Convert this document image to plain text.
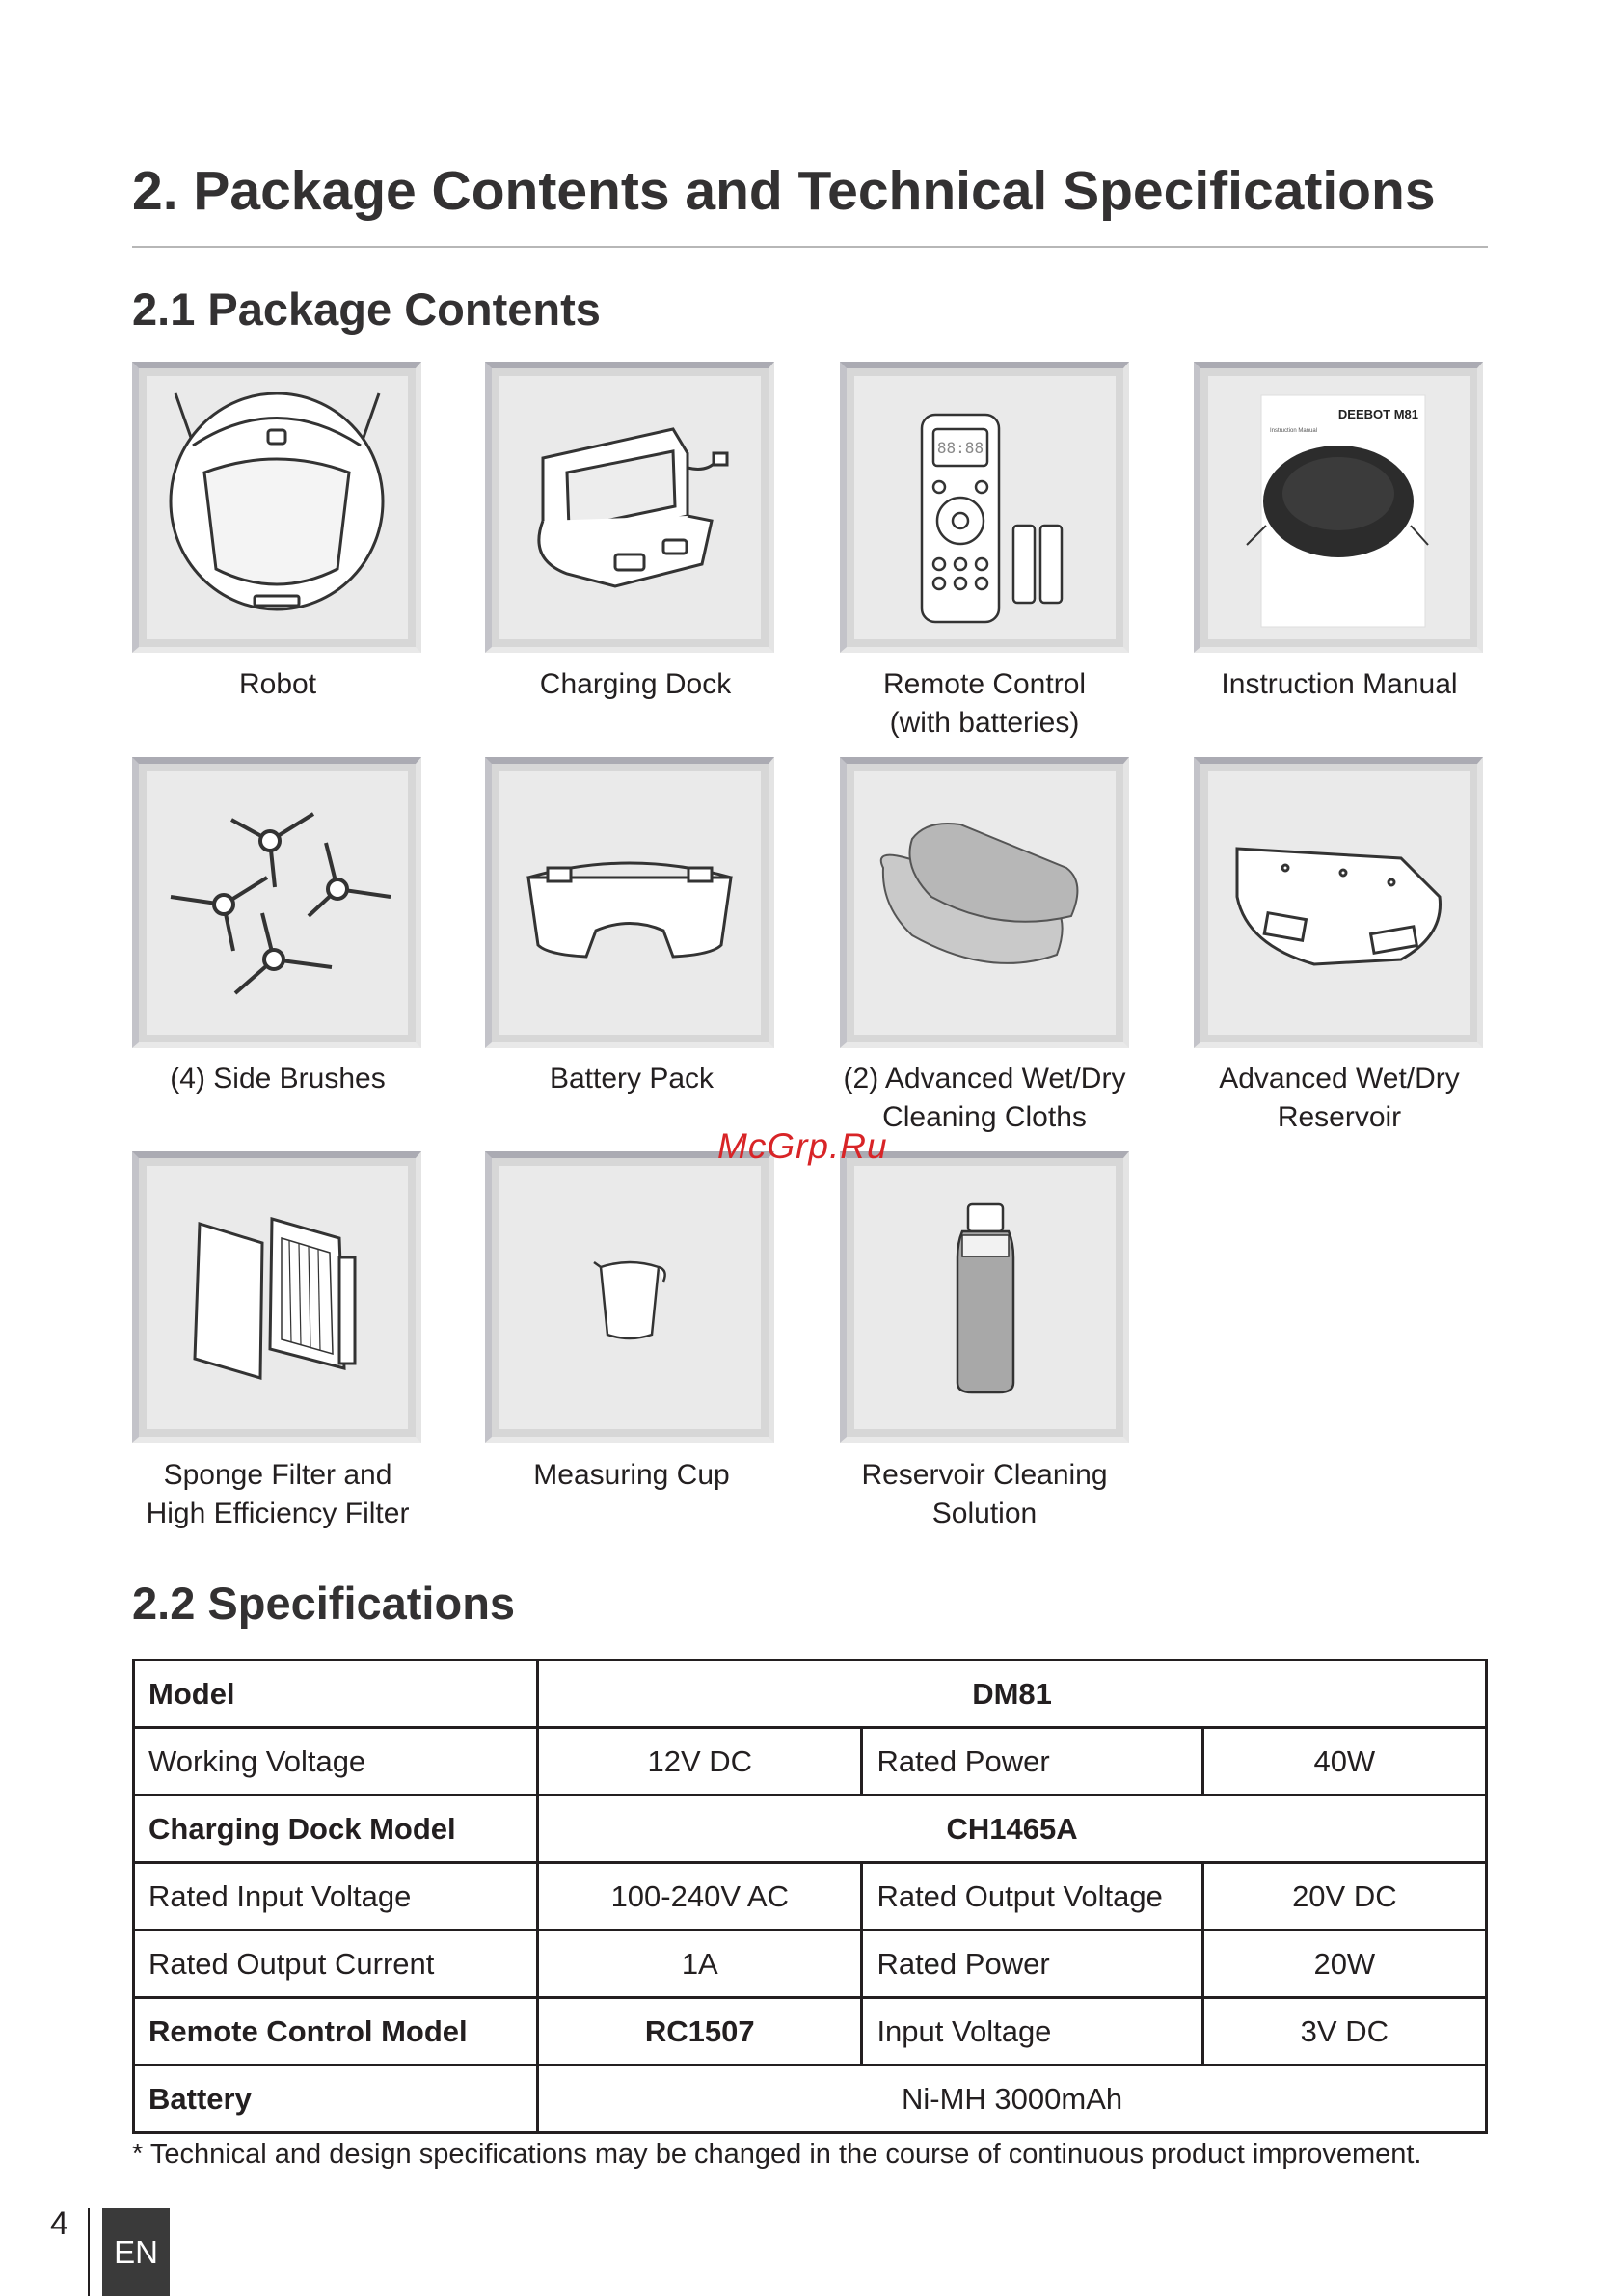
2. Package Contents and Technical Specifications
2.1 Package Contents
88:88
DEEBOT M81
Instruction Manual
Robot	Charging Dock	Remote Control
(with batteries)
Instruction Manual
(4) Side Brushes	Battery Pack	(2) Advanced Wet/Dry
Cleaning Cloths
Advanced Wet/Dry
Reservoir
Sponge Filter and
High Efficiency Filter
Measuring Cup	Reservoir Cleaning
Solution
McGrp.Ru
2.2 Specifications
Model	DM81		
Working Voltage	12V DC	Rated Power	40W
Charging Dock Model	CH1465A		
Rated Input Voltage	100-240V AC	Rated Output Voltage	20V DC
Rated Output Current	1A	Rated Power	20W
Remote Control Model	RC1507	Input Voltage	3V DC
Battery	Ni-MH 3000mAh		
* Technical and design specifications may be changed in the course of continuous product improvement.
4
EN
